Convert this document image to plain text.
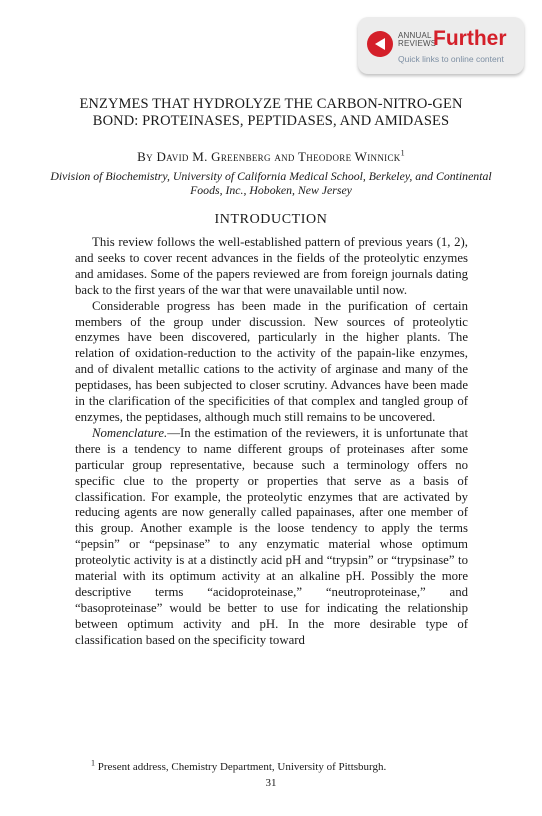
ANNUAL
REVIEWS
Further
Quick links to online content
ENZYMES THAT HYDROLYZE THE CARBON-NITRO-GEN BOND: PROTEINASES, PEPTIDASES, AND AMIDASES
By David M. Greenberg and Theodore Winnick$^1$
Division of Biochemistry, University of California Medical School, Berkeley, and Continental Foods, Inc., Hoboken, New Jersey
INTRODUCTION

This review follows the well-established pattern of previous years (1, 2), and seeks to cover recent advances in the fields of the proteolytic enzymes and amidases. Some of the papers reviewed are from foreign journals dating back to the first years of the war that were unavailable until now.

Considerable progress has been made in the purification of certain members of the group under discussion. New sources of proteolytic enzymes have been discovered, particularly in the higher plants. The relation of oxidation-reduction to the activity of the papain-like enzymes, and of divalent metallic cations to the activity of arginase and many of the peptidases, has been subjected to closer scrutiny. Advances have been made in the clarification of the specificities of that complex and tangled group of enzymes, the peptidases, although much still remains to be uncovered.

Nomenclature.—In the estimation of the reviewers, it is unfortunate that there is a tendency to name different groups of proteinases after some particular group representative, because such a terminology offers no specific clue to the property or properties that serve as a basis of classification. For example, the proteolytic enzymes that are activated by reducing agents are now generally called papainases, after one member of this group. Another example is the loose tendency to apply the terms “pepsin” or “pepsinase” to any enzymatic material whose optimum proteolytic activity is at a distinctly acid pH and “trypsin” or “trypsinase” to material with its optimum activity at an alkaline pH. Possibly the more descriptive terms “acidoproteinase,” “neutroproteinase,” and “basoproteinase” would be better to use for indicating the relationship between optimum activity and pH. In the more desirable type of classification based on the specificity toward

$^1$ Present address, Chemistry Department, University of Pittsburgh.
31
